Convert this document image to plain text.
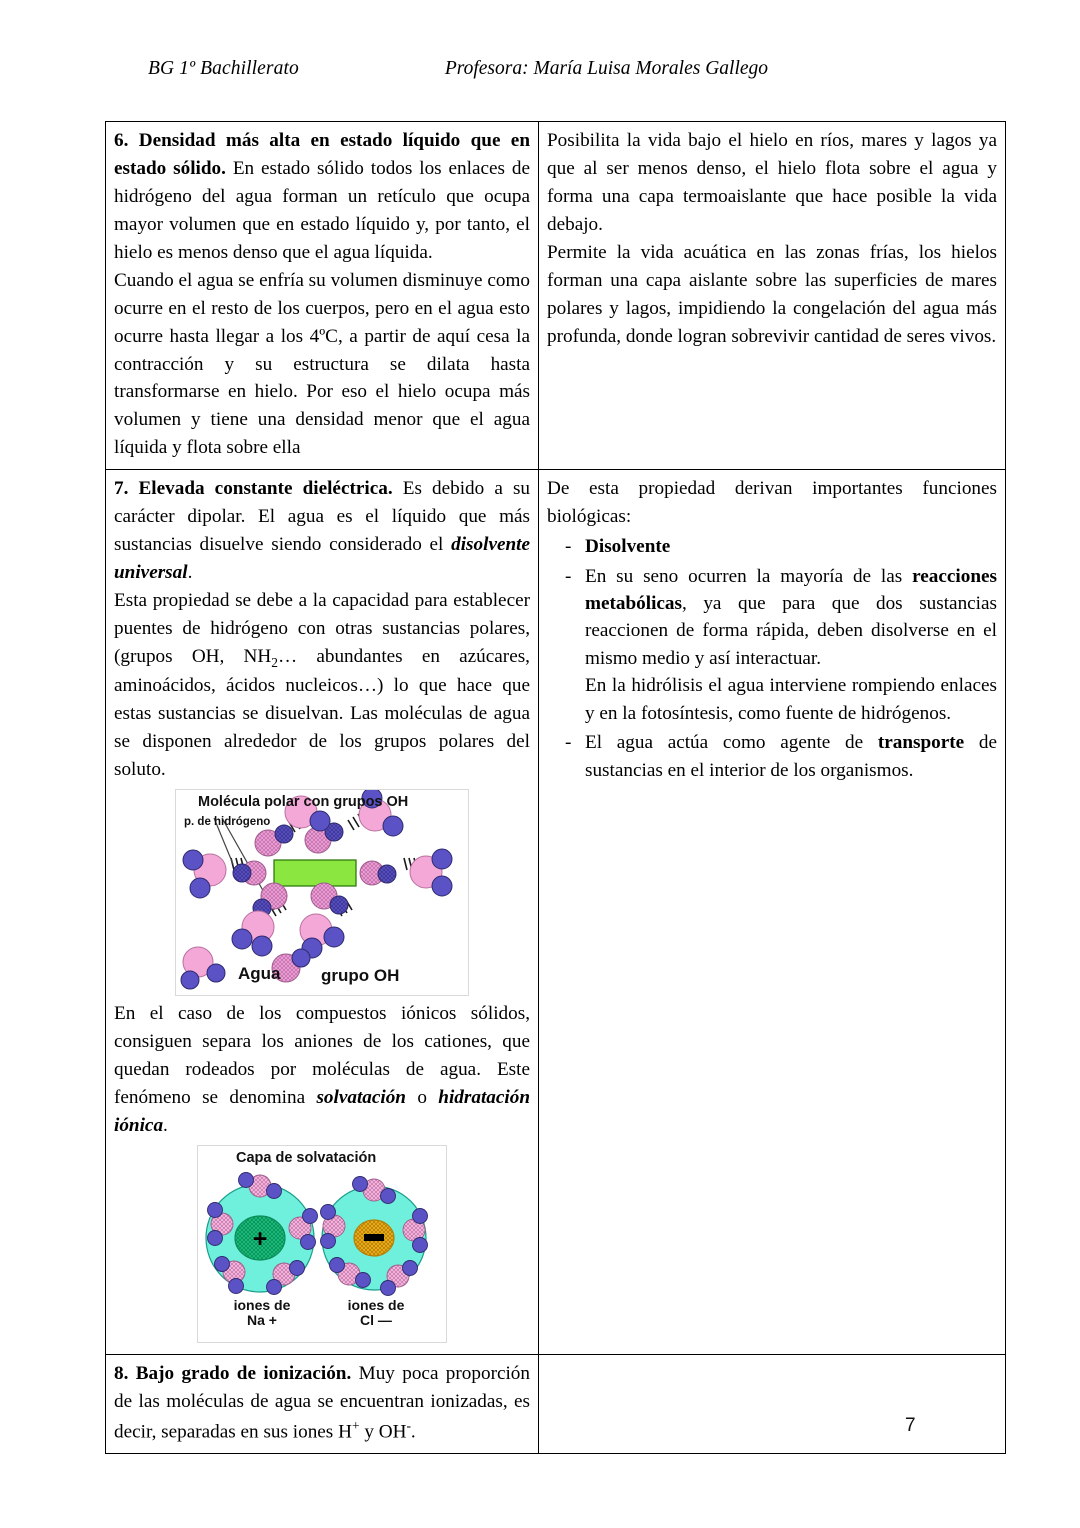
BG 1º Bachillerato	Profesora: María Luisa Morales Gallego

6. Densidad más alta en estado líquido que en estado sólido. En estado sólido todos los enlaces de hidrógeno del agua forman un retículo que ocupa mayor volumen que en estado líquido y, por tanto, el hielo es menos denso que el agua líquida.

Cuando el agua se enfría su volumen disminuye como ocurre en el resto de los cuerpos, pero en el agua esto ocurre hasta llegar a los 4ºC, a partir de aquí cesa la contracción y su estructura se dilata hasta transformarse en hielo. Por eso el hielo ocupa más volumen y tiene una densidad menor que el agua líquida y flota sobre ella

Posibilita la vida bajo el hielo en ríos, mares y lagos ya que al ser menos denso, el hielo flota sobre el agua y forma una capa termoaislante que hace posible la vida debajo.

Permite la vida acuática en las zonas frías, los hielos forman una capa aislante sobre las superficies de mares polares y lagos, impidiendo la congelación del agua más profunda, donde logran sobrevivir cantidad de seres vivos.

7. Elevada constante dieléctrica. Es debido a su carácter dipolar. El agua es el líquido que más sustancias disuelve siendo considerado el disolvente universal.

Esta propiedad se debe a la capacidad para establecer puentes de hidrógeno con otras sustancias polares, (grupos OH, $NH_2\dots$ abundantes en azúcares, aminoácidos, ácidos nucleicos…) lo que hace que estas sustancias se disuelvan. Las moléculas de agua se disponen alrededor de los grupos polares del soluto.

Molécula polar con grupos OH
p. de hidrógeno
Agua grupo OH

En el caso de los compuestos iónicos sólidos, consiguen separa los aniones de los cationes, que quedan rodeados por moléculas de agua. Este fenómeno se denomina solvatación o hidratación iónica.

+
Capa de solvatación
iones de
Na +
iones de
Cl —

De esta propiedad derivan importantes funciones biológicas:

- Disolvente
- En su seno ocurren la mayoría de las reacciones metabólicas, ya que para que dos sustancias reaccionen de forma rápida, deben disolverse en el mismo medio y así interactuar.
En la hidrólisis el agua interviene rompiendo enlaces y en la fotosíntesis, como fuente de hidrógenos.
- El agua actúa como agente de transporte de sustancias en el interior de los organismos.

8. Bajo grado de ionización. Muy poca proporción de las moléculas de agua se encuentran ionizadas, es decir, separadas en sus iones H+ y OH-.	

		7
